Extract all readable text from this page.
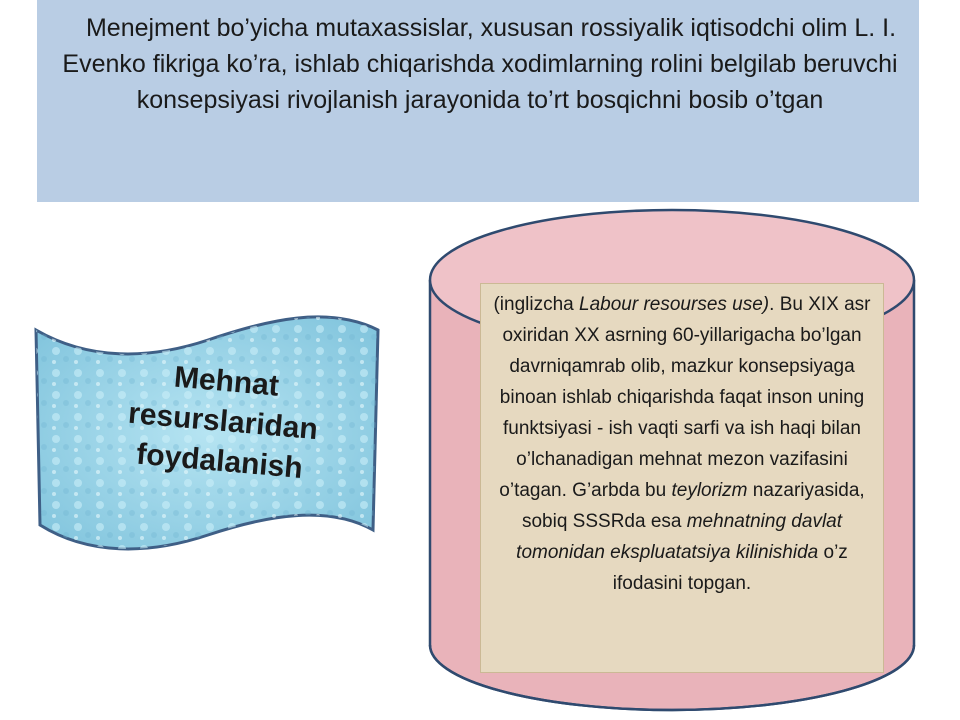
Menejment bo’yicha mutaxassislar, xususan rossiyalik iqtisodchi olim L. I. Evenko fikriga ko’ra, ishlab chiqarishda xodimlarning rolini belgilab beruvchi konsepsiyasi rivojlanish jarayonida to’rt bosqichni bosib o’tgan

Mehnat resurslaridan foydalanish

(inglizcha Labour resourses use). Bu XIX asr oxiridan XX asrning 60-yillarigacha bo’lgan davrniqamrab olib, mazkur konsepsiyaga binoan ishlab chiqarishda faqat inson uning funktsiyasi - ish vaqti sarfi va ish haqi bilan o’lchanadigan mehnat mezon vazifasini o’tagan. G’arbda bu teylorizm nazariyasida, sobiq SSSRda esa mehnatning davlat tomonidan ekspluatatsiya kilinishida o’z ifodasini topgan.
